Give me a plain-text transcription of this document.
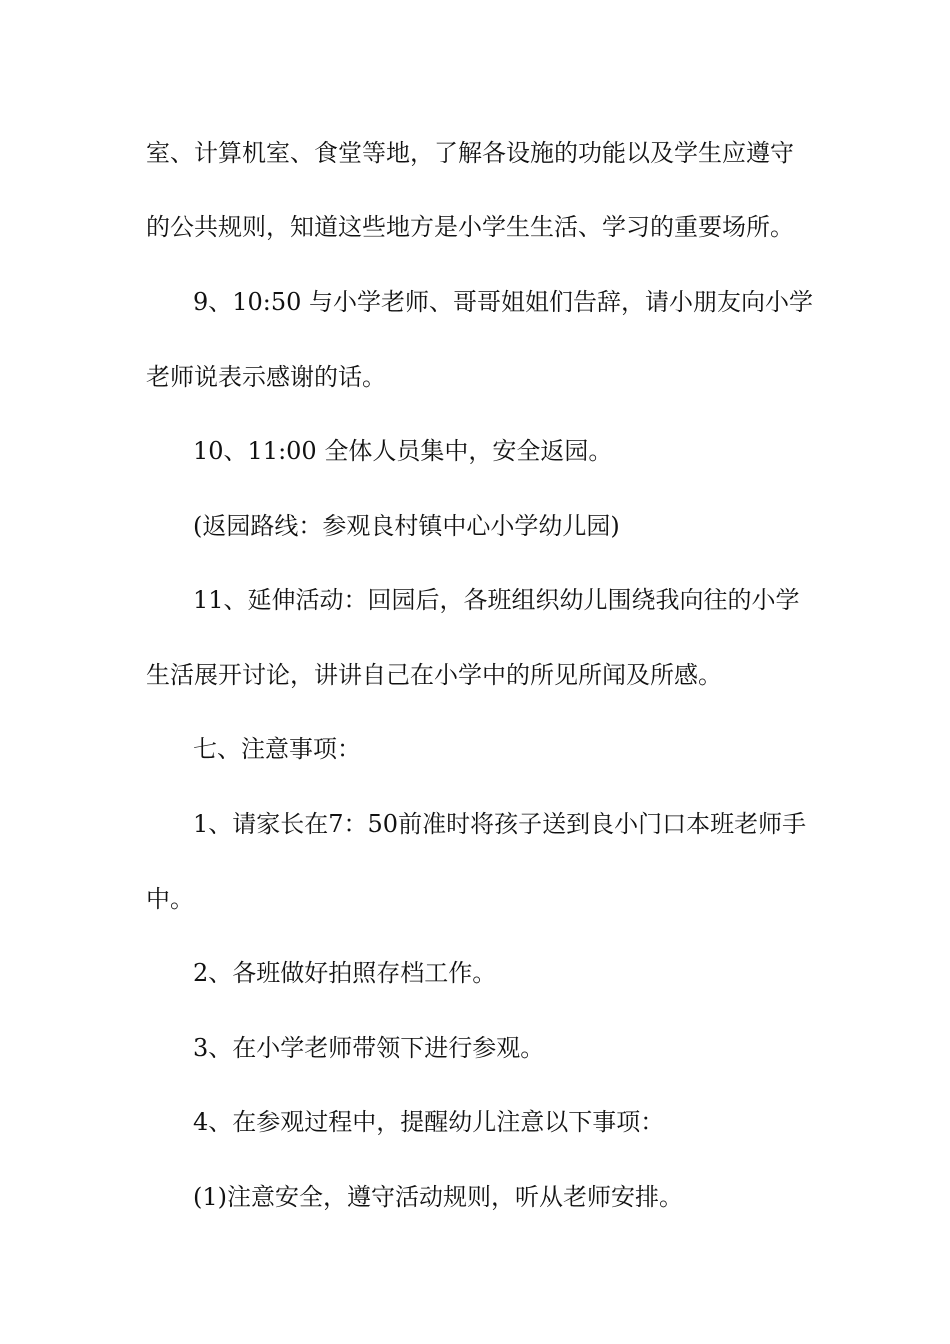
室、计算机室、食堂等地，了解各设施的功能以及学生应遵守
的公共规则，知道这些地方是小学生生活、学习的重要场所。
9、10:50 与小学老师、哥哥姐姐们告辞，请小朋友向小学
老师说表示感谢的话。
10、11:00 全体人员集中，安全返园。
(返园路线：参观良村镇中心小学幼儿园)
11、延伸活动：回园后，各班组织幼儿围绕我向往的小学
生活展开讨论，讲讲自己在小学中的所见所闻及所感。
七、注意事项：
1、请家长在7：50前准时将孩子送到良小门口本班老师手
中。
2、各班做好拍照存档工作。
3、在小学老师带领下进行参观。
4、在参观过程中，提醒幼儿注意以下事项：
(1)注意安全，遵守活动规则，听从老师安排。
